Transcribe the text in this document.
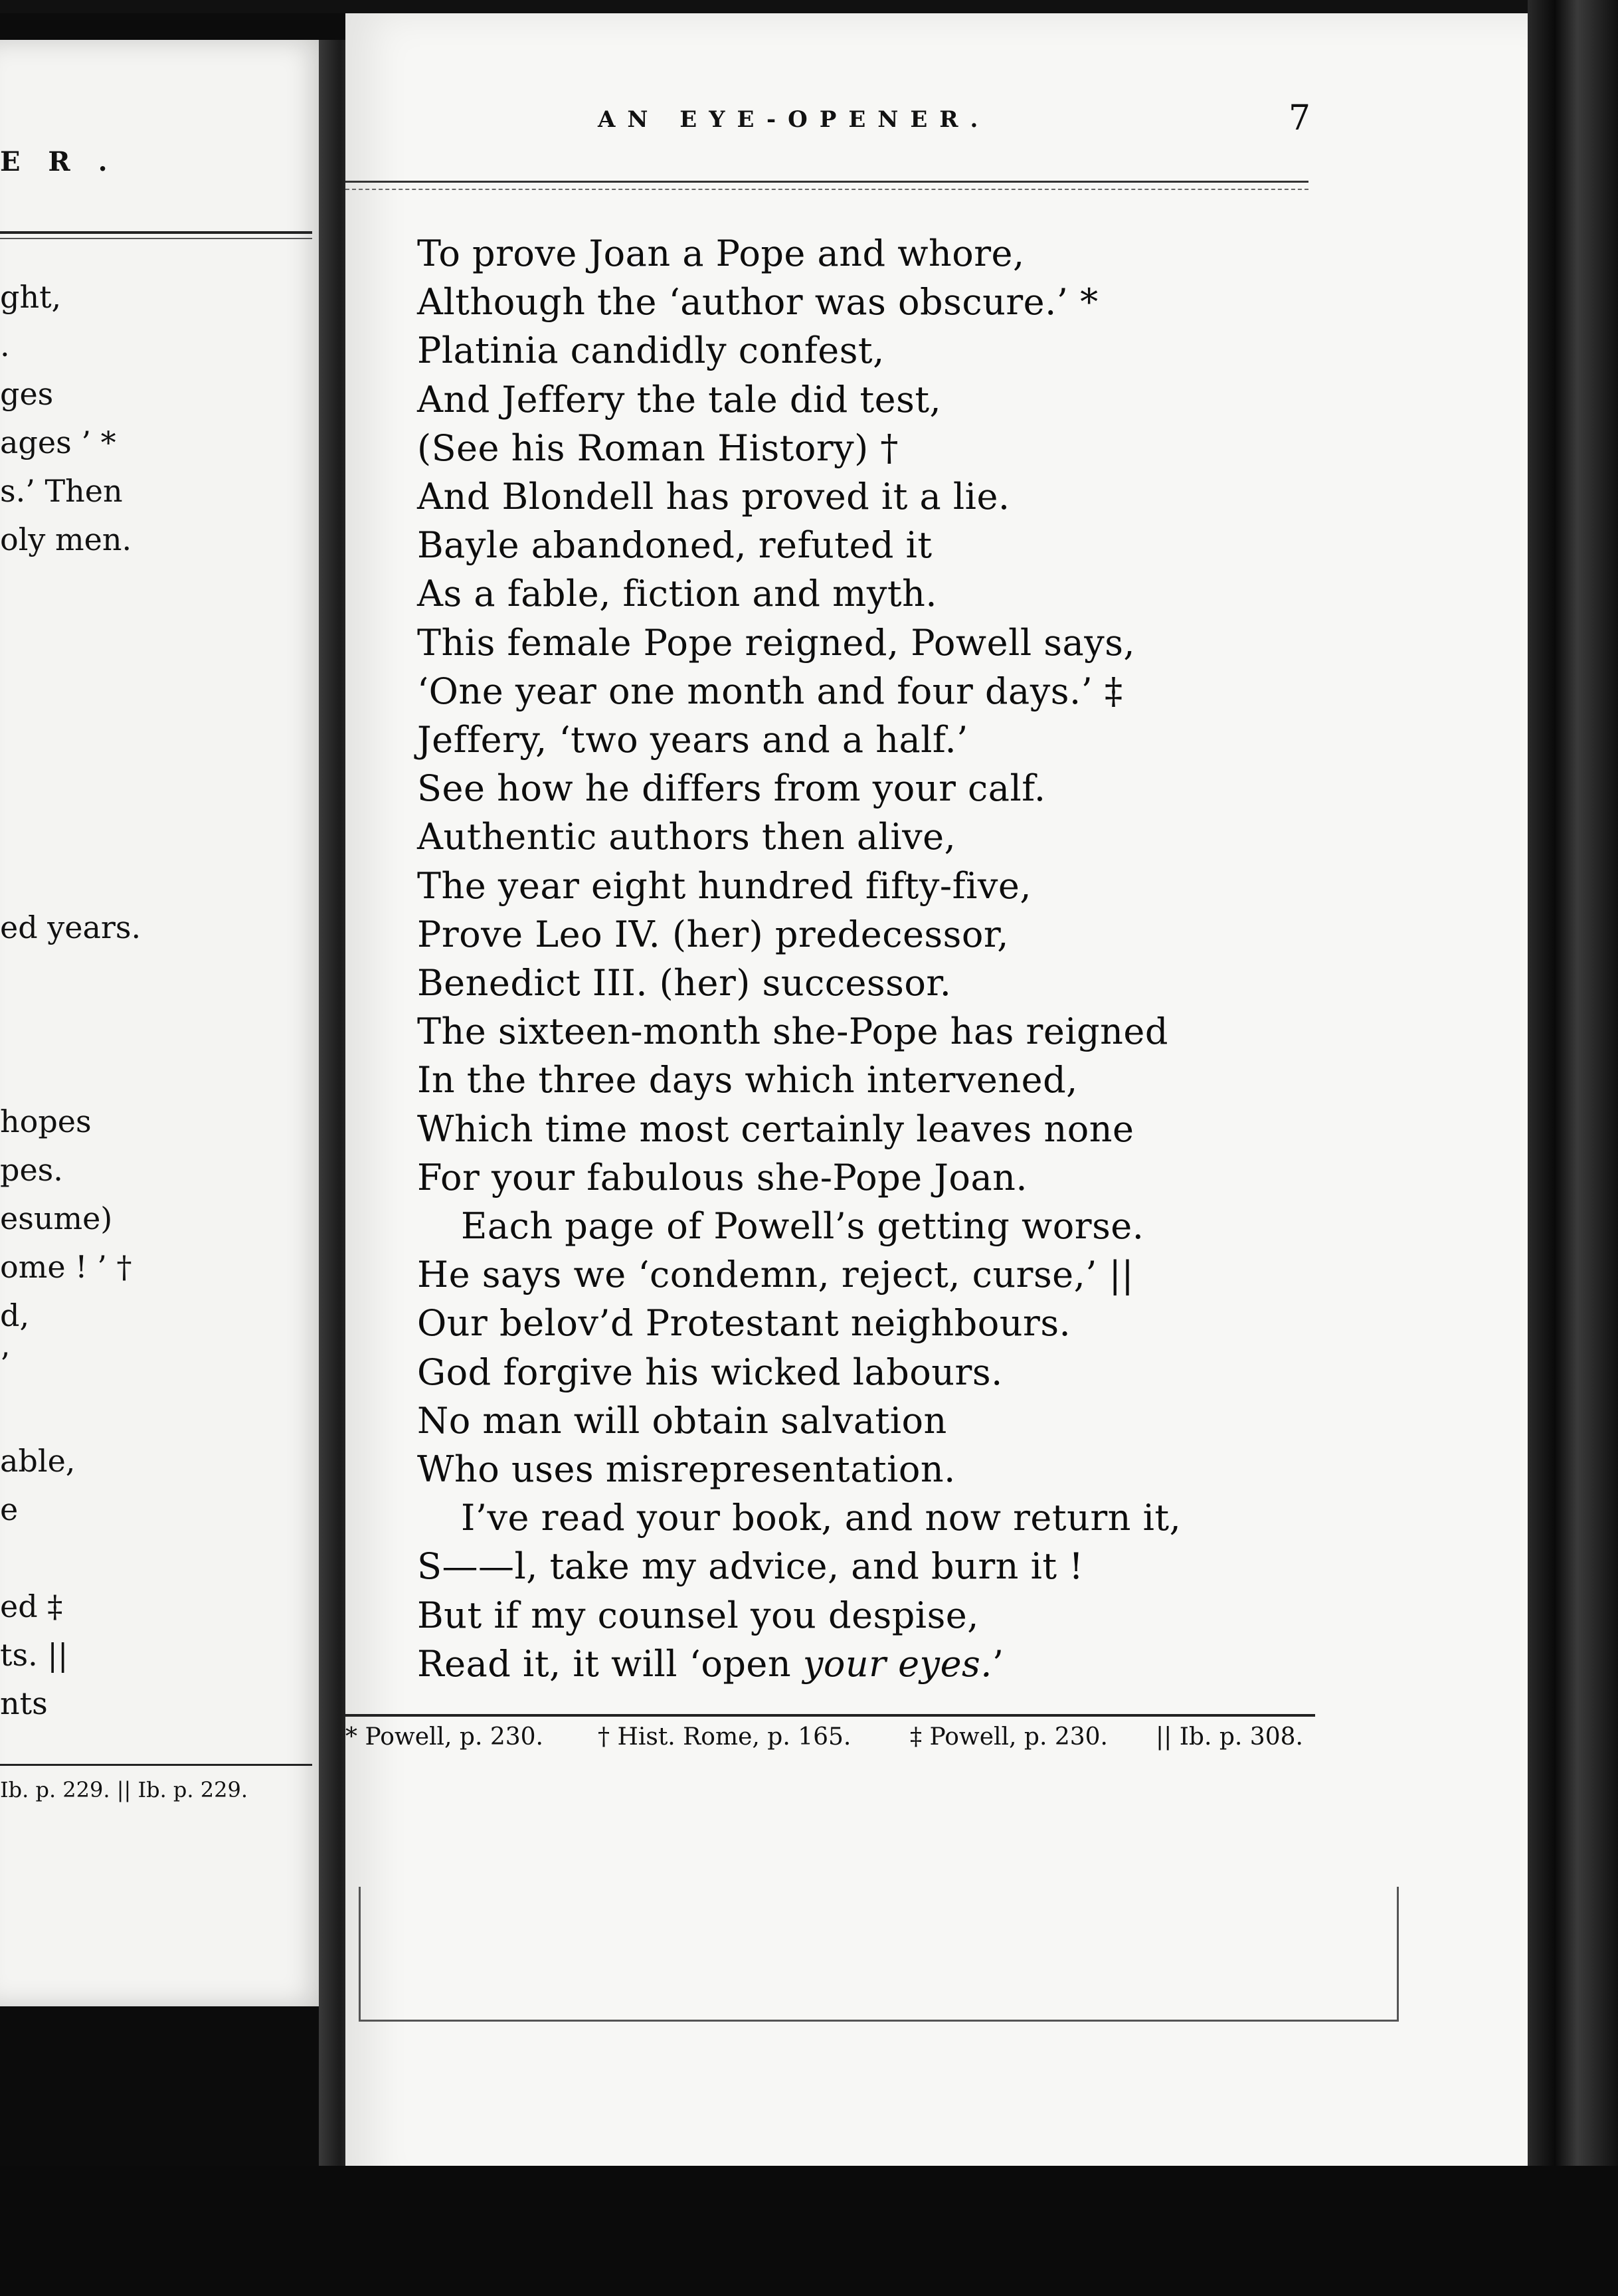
E R .
ght,
.
ges
ages ’ *
s.’ Then
oly men.
ed years.
hopes
pes.
esume)
ome ! ’ †
d,
’
able,
e
ed ‡
ts. ||
nts
Ib. p. 229. || Ib. p. 229.
AN EYE-OPENER.	7
To prove Joan a Pope and whore,
Although the ‘author was obscure.’ *
Platinia candidly confest,
And Jeffery the tale did test,
(See his Roman History) †
And Blondell has proved it a lie.
Bayle abandoned, refuted it
As a fable, fiction and myth.
This female Pope reigned, Powell says,
‘One year one month and four days.’ ‡
Jeffery, ‘two years and a half.’
See how he differs from your calf.
Authentic authors then alive,
The year eight hundred fifty-five,
Prove Leo IV. (her) predecessor,
Benedict III. (her) successor.
The sixteen-month she-Pope has reigned
In the three days which intervened,
Which time most certainly leaves none
For your fabulous she-Pope Joan.
Each page of Powell’s getting worse.
He says we ‘condemn, reject, curse,’ ||
Our belov’d Protestant neighbours.
God forgive his wicked labours.
No man will obtain salvation
Who uses misrepresentation.
I’ve read your book, and now return it,
S——l, take my advice, and burn it !
But if my counsel you despise,
Read it, it will ‘open your eyes.’
* Powell, p. 230. † Hist. Rome, p. 165. ‡ Powell, p. 230. || Ib. p. 308.
